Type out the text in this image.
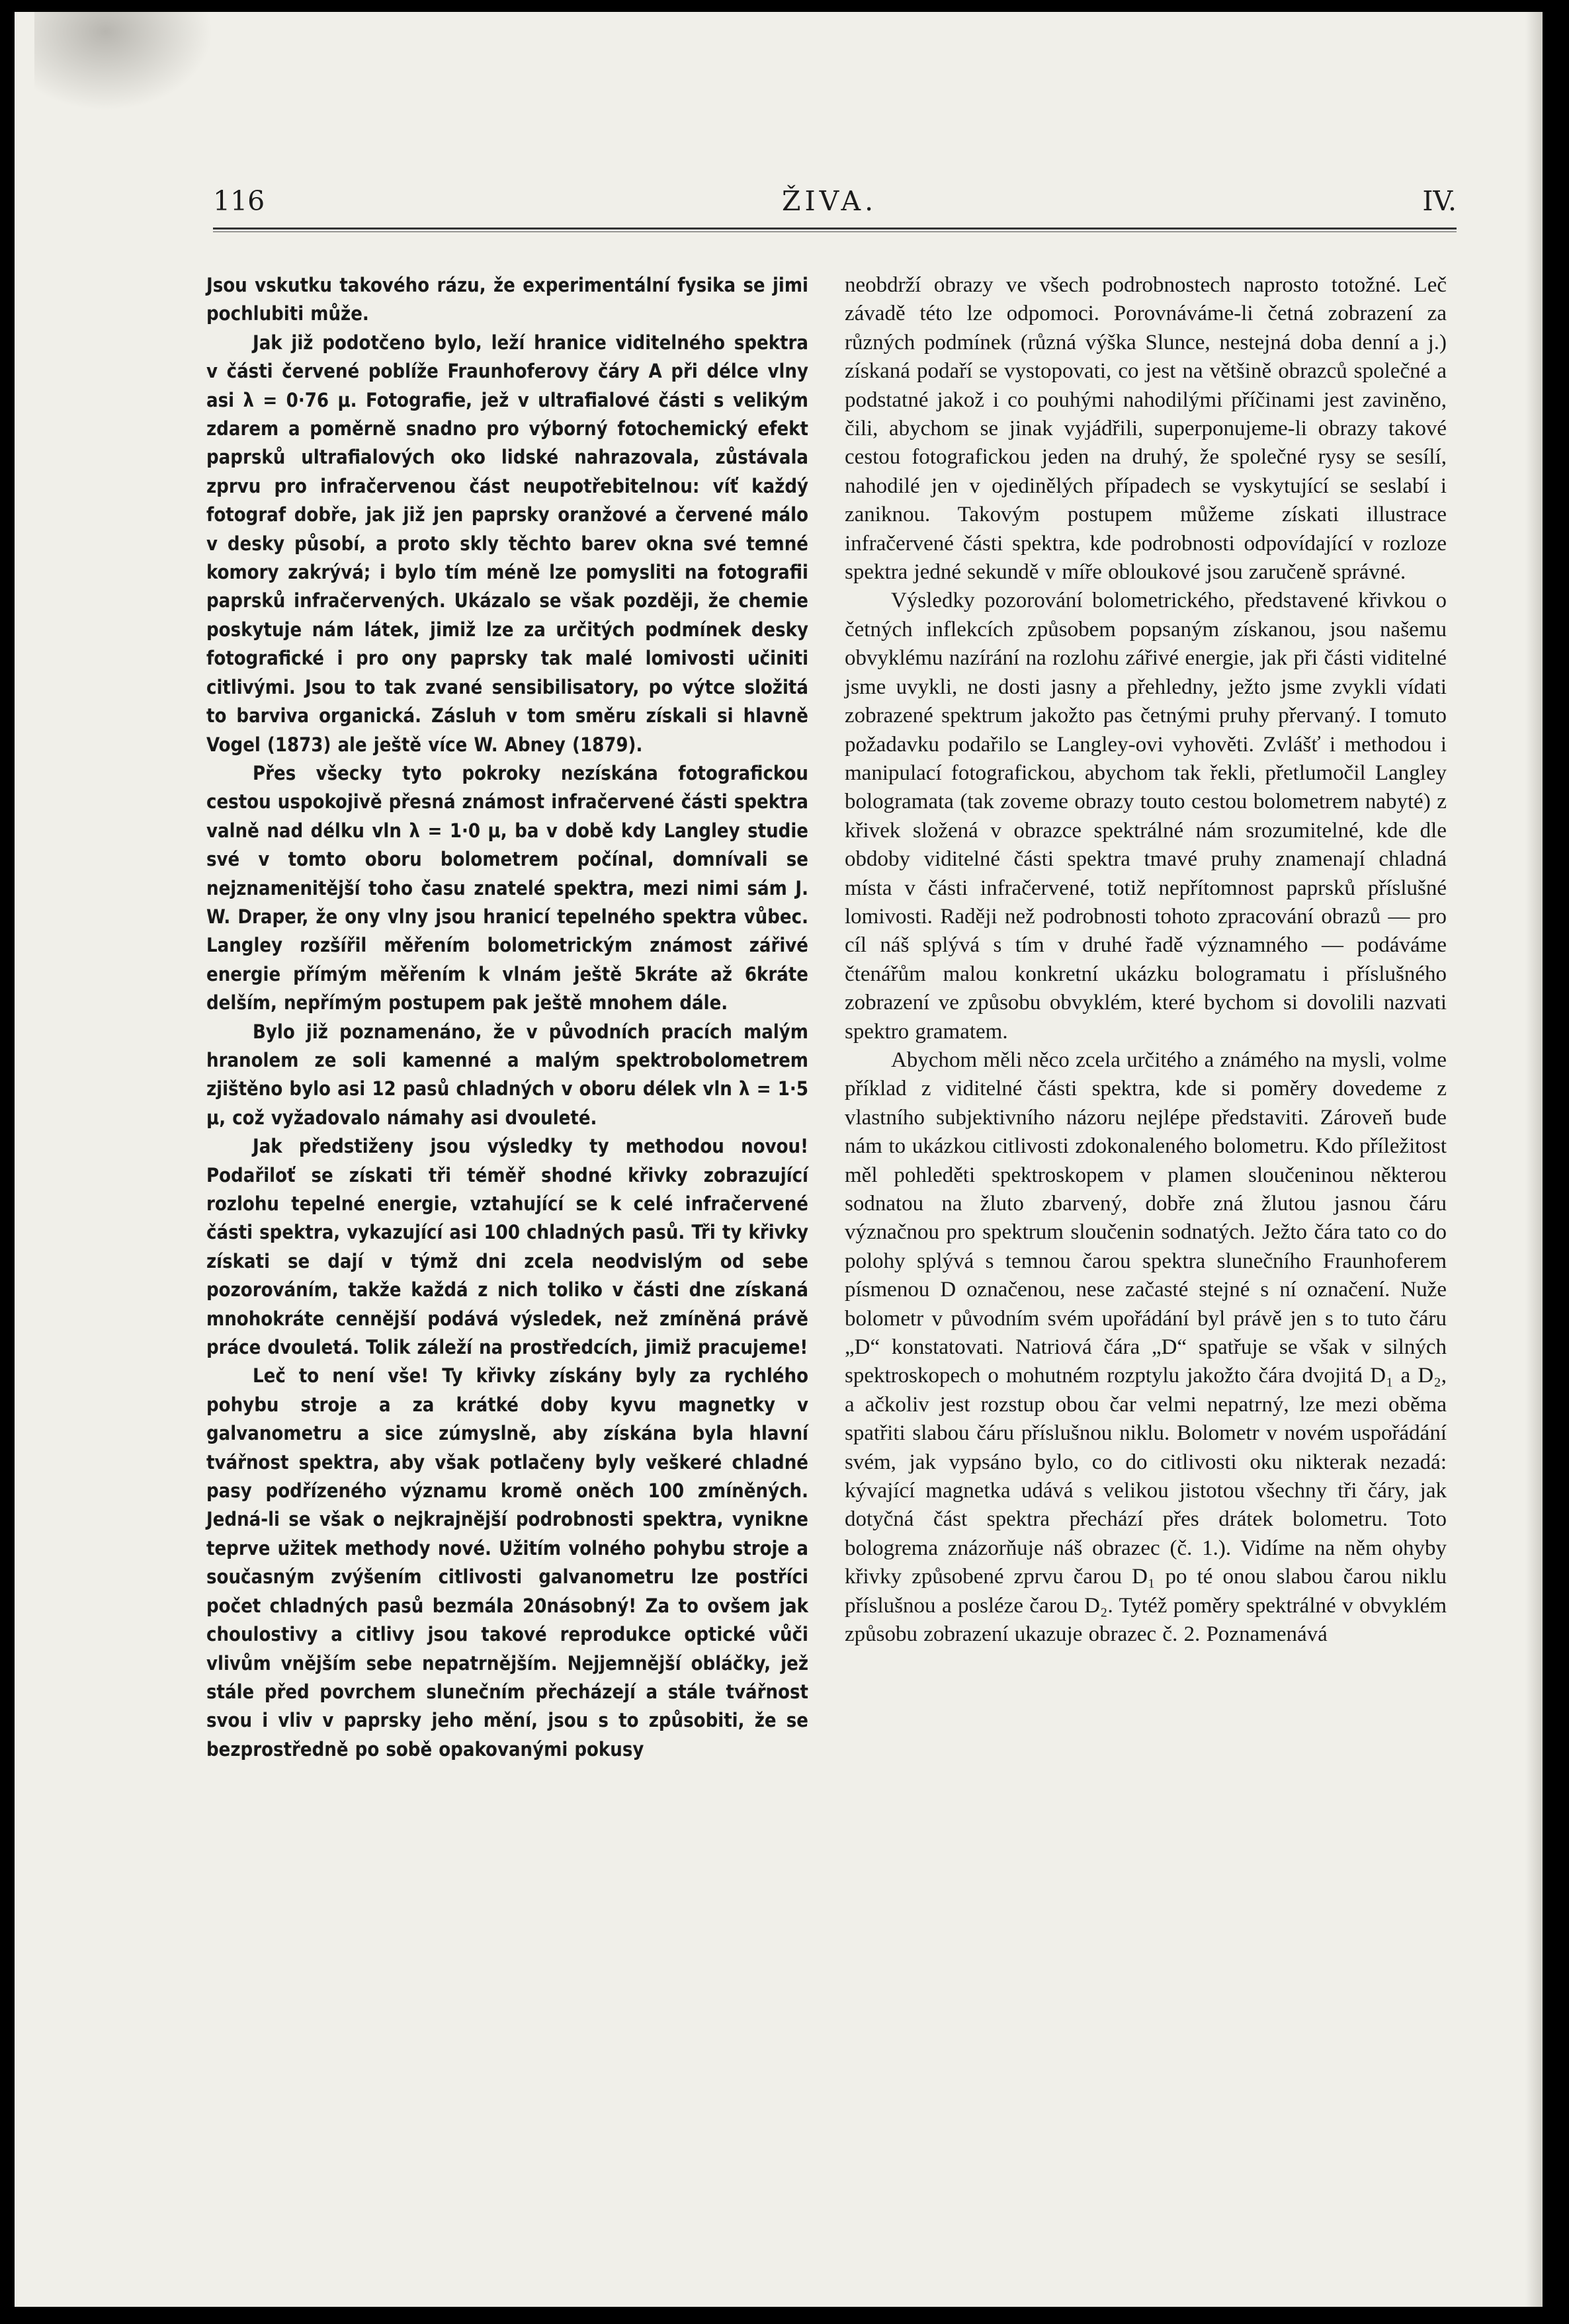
116	ŽIVA.	IV.

Jsou vskutku takového rázu, že experimentální fysika se jimi pochlubiti může.

Jak již podotčeno bylo, leží hranice viditelného spektra v části červené poblíže Fraunhoferovy čáry A při délce vlny asi λ = 0·76 μ. Fotografie, jež v ultrafialové části s velikým zdarem a poměrně snadno pro výborný fotochemický efekt paprsků ultrafialových oko lidské nahrazovala, zůstávala zprvu pro infračervenou část neupotřebitelnou: víť každý fotograf dobře, jak již jen paprsky oranžové a červené málo v desky působí, a proto skly těchto barev okna své temné komory zakrývá; i bylo tím méně lze pomysliti na fotografii paprsků infračervených. Ukázalo se však později, že chemie poskytuje nám látek, jimiž lze za určitých podmínek desky fotografické i pro ony paprsky tak malé lomivosti učiniti citlivými. Jsou to tak zvané sensibilisatory, po výtce složitá to barviva organická. Zásluh v tom směru získali si hlavně Vogel (1873) ale ještě více W. Abney (1879).

Přes všecky tyto pokroky nezískána fotografickou cestou uspokojivě přesná známost infračervené části spektra valně nad délku vln λ = 1·0 μ, ba v době kdy Langley studie své v tomto oboru bolometrem počínal, domnívali se nejznamenitější toho času znatelé spektra, mezi nimi sám J. W. Draper, že ony vlny jsou hranicí tepelného spektra vůbec. Langley rozšířil měřením bolometrickým známost zářivé energie přímým měřením k vlnám ještě 5kráte až 6kráte delším, nepřímým postupem pak ještě mnohem dále.

Bylo již poznamenáno, že v původních pracích malým hranolem ze soli kamenné a malým spektrobolometrem zjištěno bylo asi 12 pasů chladných v oboru délek vln λ = 1·5 μ, což vyžadovalo námahy asi dvouleté.

Jak předstiženy jsou výsledky ty methodou novou! Podařiloť se získati tři téměř shodné křivky zobrazující rozlohu tepelné energie, vztahující se k celé infračervené části spektra, vykazující asi 100 chladných pasů. Tři ty křivky získati se dají v týmž dni zcela neodvislým od sebe pozorováním, takže každá z nich toliko v části dne získaná mnohokráte cennější podává výsledek, než zmíněná právě práce dvouletá. Tolik záleží na prostředcích, jimiž pracujeme!

Leč to není vše! Ty křivky získány byly za rychlého pohybu stroje a za krátké doby kyvu magnetky v galvanometru a sice zúmyslně, aby získána byla hlavní tvářnost spektra, aby však potlačeny byly veškeré chladné pasy podřízeného významu kromě oněch 100 zmíněných. Jedná-li se však o nejkrajnější podrobnosti spektra, vynikne teprve užitek methody nové. Užitím volného pohybu stroje a současným zvýšením citlivosti galvanometru lze postříci počet chladných pasů bezmála 20násobný! Za to ovšem jak choulostivy a citlivy jsou takové reprodukce optické vůči vlivům vnějším sebe nepatrnějším. Nejjemnější obláčky, jež stále před povrchem slunečním přecházejí a stále tvářnost svou i vliv v paprsky jeho mění, jsou s to způsobiti, že se bezprostředně po sobě opakovanými pokusy

neobdrží obrazy ve všech podrobnostech naprosto totožné. Leč závadě této lze odpomoci. Porovnáváme-li četná zobrazení za různých podmínek (různá výška Slunce, nestejná doba denní a j.) získaná podaří se vystopovati, co jest na většině obrazců společné a podstatné jakož i co pouhými nahodilými příčinami jest zaviněno, čili, abychom se jinak vyjádřili, superponujeme-li obrazy takové cestou fotografickou jeden na druhý, že společné rysy se sesílí, nahodilé jen v ojedinělých případech se vyskytující se seslabí i zaniknou. Takovým postupem můžeme získati illustrace infračervené části spektra, kde podrobnosti odpovídající v rozloze spektra jedné sekundě v míře obloukové jsou zaručeně správné.

Výsledky pozorování bolometrického, představené křivkou o četných inflekcích způsobem popsaným získanou, jsou našemu obvyklému nazírání na rozlohu zářivé energie, jak při části viditelné jsme uvykli, ne dosti jasny a přehledny, ježto jsme zvykli vídati zobrazené spektrum jakožto pas četnými pruhy přervaný. I tomuto požadavku podařilo se Langley-ovi vyhověti. Zvlášť i methodou i manipulací fotografickou, abychom tak řekli, přetlumočil Langley bologramata (tak zoveme obrazy touto cestou bolometrem nabyté) z křivek složená v obrazce spektrálné nám srozumitelné, kde dle obdoby viditelné části spektra tmavé pruhy znamenají chladná místa v části infračervené, totiž nepřítomnost paprsků příslušné lomivosti. Raději než podrobnosti tohoto zpracování obrazů — pro cíl náš splývá s tím v druhé řadě významného — podáváme čtenářům malou konkretní ukázku bologramatu i příslušného zobrazení ve způsobu obvyklém, které bychom si dovolili nazvati spektro gramatem.

Abychom měli něco zcela určitého a známého na mysli, volme příklad z viditelné části spektra, kde si poměry dovedeme z vlastního subjektivního názoru nejlépe představiti. Zároveň bude nám to ukázkou citlivosti zdokonaleného bolometru. Kdo příležitost měl pohleděti spektroskopem v plamen sloučeninou některou sodnatou na žluto zbarvený, dobře zná žlutou jasnou čáru význačnou pro spektrum sloučenin sodnatých. Ježto čára tato co do polohy splývá s temnou čarou spektra slunečního Fraunhoferem písmenou D označenou, nese začasté stejné s ní označení. Nuže bolometr v původním svém upořádání byl právě jen s to tuto čáru „D“ konstatovati. Natriová čára „D“ spatřuje se však v silných spektroskopech o mohutném rozptylu jakožto čára dvojitá D₁ a D₂, a ačkoliv jest rozstup obou čar velmi nepatrný, lze mezi oběma spatřiti slabou čáru příslušnou niklu. Bolometr v novém uspořádání svém, jak vypsáno bylo, co do citlivosti oku nikterak nezadá: kývající magnetka udává s velikou jistotou všechny tři čáry, jak dotyčná část spektra přechází přes drátek bolometru. Toto bologrema znázorňuje náš obrazec (č. 1.). Vidíme na něm ohyby křivky způsobené zprvu čarou D₁ po té onou slabou čarou niklu příslušnou a posléze čarou D₂. Tytéž poměry spektrálné v obvyklém způsobu zobrazení ukazuje obrazec č. 2. Poznamenává
